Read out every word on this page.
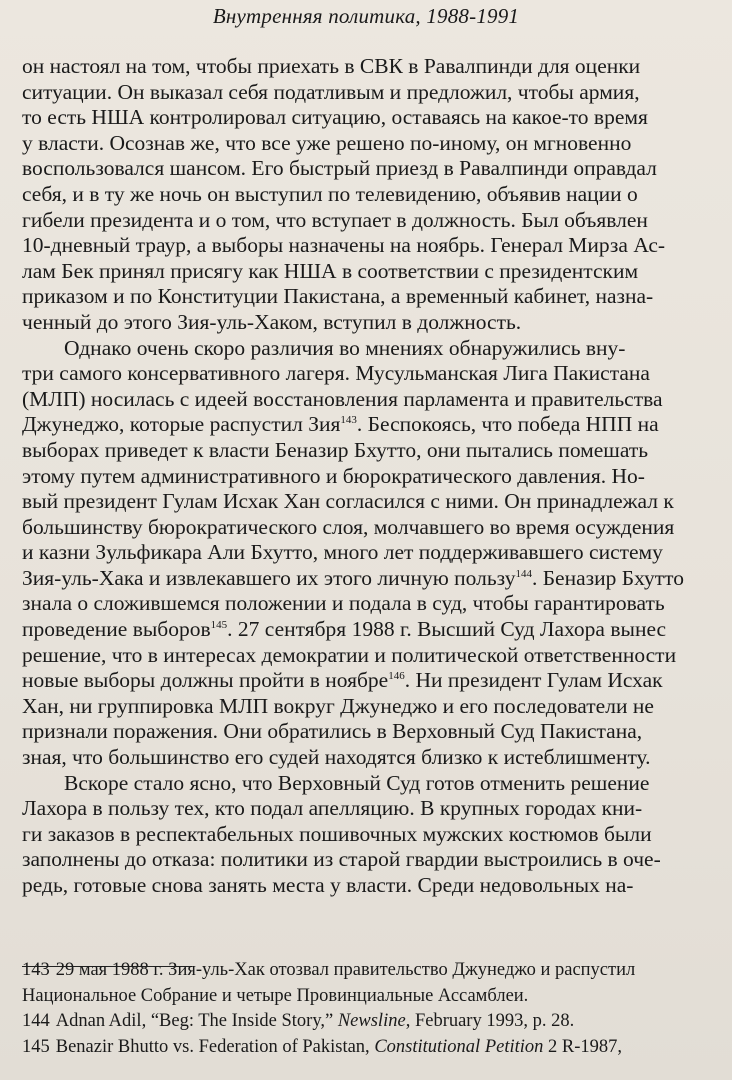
Внутренняя политика, 1988-1991
он настоял на том, чтобы приехать в СВК в Равалпинди для оценки
ситуации. Он выказал себя податливым и предложил, чтобы армия,
то есть НША контролировал ситуацию, оставаясь на какое-то время
у власти. Осознав же, что все уже решено по-иному, он мгновенно
воспользовался шансом. Его быстрый приезд в Равалпинди оправдал
себя, и в ту же ночь он выступил по телевидению, объявив нации о
гибели президента и о том, что вступает в должность. Был объявлен
10-дневный траур, а выборы назначены на ноябрь. Генерал Мирза Ас-
лам Бек принял присягу как НША в соответствии с президентским
приказом и по Конституции Пакистана, а временный кабинет, назна-
ченный до этого Зия-уль-Хаком, вступил в должность.
Однако очень скоро различия во мнениях обнаружились вну-
три самого консервативного лагеря. Мусульманская Лига Пакистана
(МЛП) носилась с идеей восстановления парламента и правительства
Джунеджо, которые распустил Зия$^{143}$. Беспокоясь, что победа НПП на
выборах приведет к власти Беназир Бхутто, они пытались помешать
этому путем административного и бюрократического давления. Но-
вый президент Гулам Исхак Хан согласился с ними. Он принадлежал к
большинству бюрократического слоя, молчавшего во время осуждения
и казни Зульфикара Али Бхутто, много лет поддерживавшего систему
Зия-уль-Хака и извлекавшего их этого личную пользу$^{144}$. Беназир Бхутто
знала о сложившемся положении и подала в суд, чтобы гарантировать
проведение выборов$^{145}$. 27 сентября 1988 г. Высший Суд Лахора вынес
решение, что в интересах демократии и политической ответственности
новые выборы должны пройти в ноябре$^{146}$. Ни президент Гулам Исхак
Хан, ни группировка МЛП вокруг Джунеджо и его последователи не
признали поражения. Они обратились в Верховный Суд Пакистана,
зная, что большинство его судей находятся близко к истеблишменту.
Вскоре стало ясно, что Верховный Суд готов отменить решение
Лахора в пользу тех, кто подал апелляцию. В крупных городах кни-
ги заказов в респектабельных пошивочных мужских костюмов были
заполнены до отказа: политики из старой гвардии выстроились в оче-
редь, готовые снова занять места у власти. Среди недовольных на-
143 29 мая 1988 г. Зия-уль-Хак отозвал правительство Джунеджо и распустил
Национальное Собрание и четыре Провинциальные Ассамблеи.
144 Adnan Adil, “Beg: The Inside Story,” Newsline, February 1993, p. 28.
145 Benazir Bhutto vs. Federation of Pakistan, Constitutional Petition 2 R-1987,
